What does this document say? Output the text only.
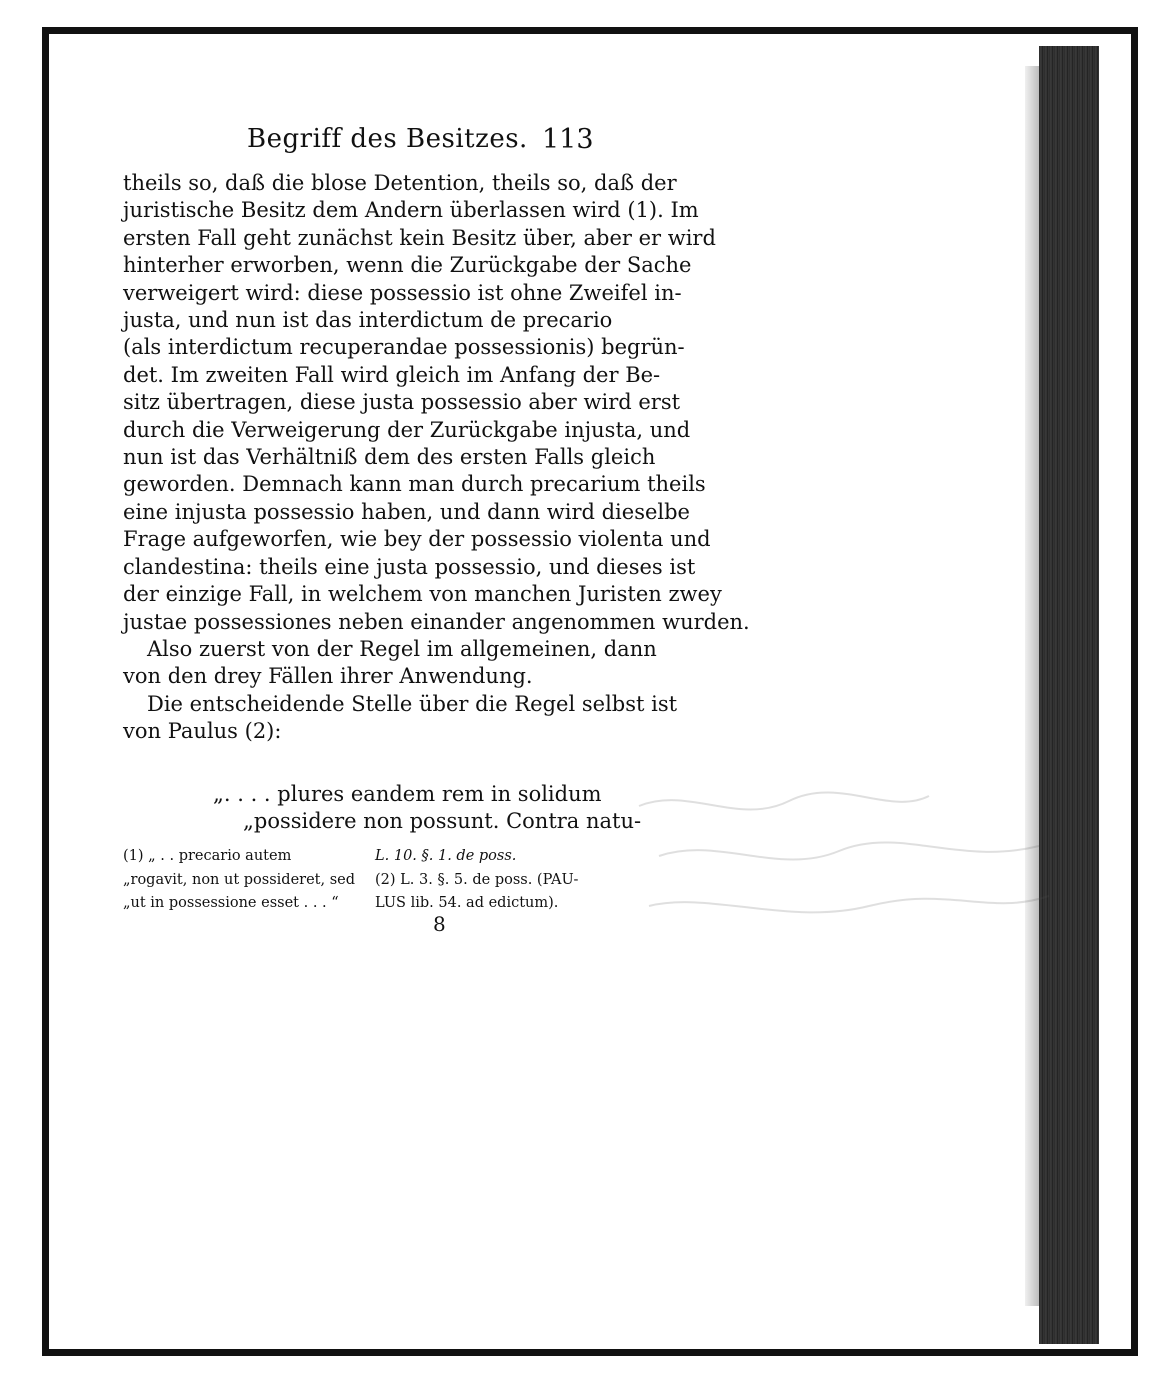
Begriff des Besitzes. 113
theils so, daß die blose Detention, theils so, daß der
juristische Besitz dem Andern überlassen wird (1). Im
ersten Fall geht zunächst kein Besitz über, aber er wird
hinterher erworben, wenn die Zurückgabe der Sache
verweigert wird: diese possessio ist ohne Zweifel in-
justa, und nun ist das interdictum de precario
(als interdictum recuperandae possessionis) begrün-
det. Im zweiten Fall wird gleich im Anfang der Be-
sitz übertragen, diese justa possessio aber wird erst
durch die Verweigerung der Zurückgabe injusta, und
nun ist das Verhältniß dem des ersten Falls gleich
geworden. Demnach kann man durch precarium theils
eine injusta possessio haben, und dann wird dieselbe
Frage aufgeworfen, wie bey der possessio violenta und
clandestina: theils eine justa possessio, und dieses ist
der einzige Fall, in welchem von manchen Juristen zwey
justae possessiones neben einander angenommen wurden.
Also zuerst von der Regel im allgemeinen, dann
von den drey Fällen ihrer Anwendung.
Die entscheidende Stelle über die Regel selbst ist
von Paulus (2):
„. . . . plures eandem rem in solidum
„possidere non possunt. Contra natu-
(1) „ . . precario autem
„rogavit, non ut possideret, sed
„ut in possessione esset . . . “
L. 10. §. 1. de poss.
(2) L. 3. §. 5. de poss. (PAU-
LUS lib. 54. ad edictum).
8
